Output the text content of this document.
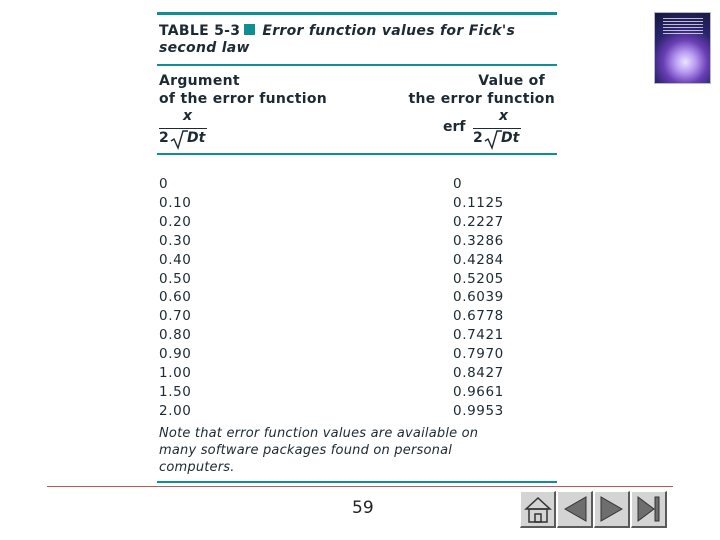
TABLE 5-3 Error function values for Fick's
second law
Argument
of the error function
Value of
the error function
x
2 Dt
erf
x
2 Dt
0
0.10
0.20
0.30
0.40
0.50
0.60
0.70
0.80
0.90
1.00
1.50
2.00
0
0.1125
0.2227
0.3286
0.4284
0.5205
0.6039
0.6778
0.7421
0.7970
0.8427
0.9661
0.9953
Note that error function values are available on
many software packages found on personal
computers.
59
